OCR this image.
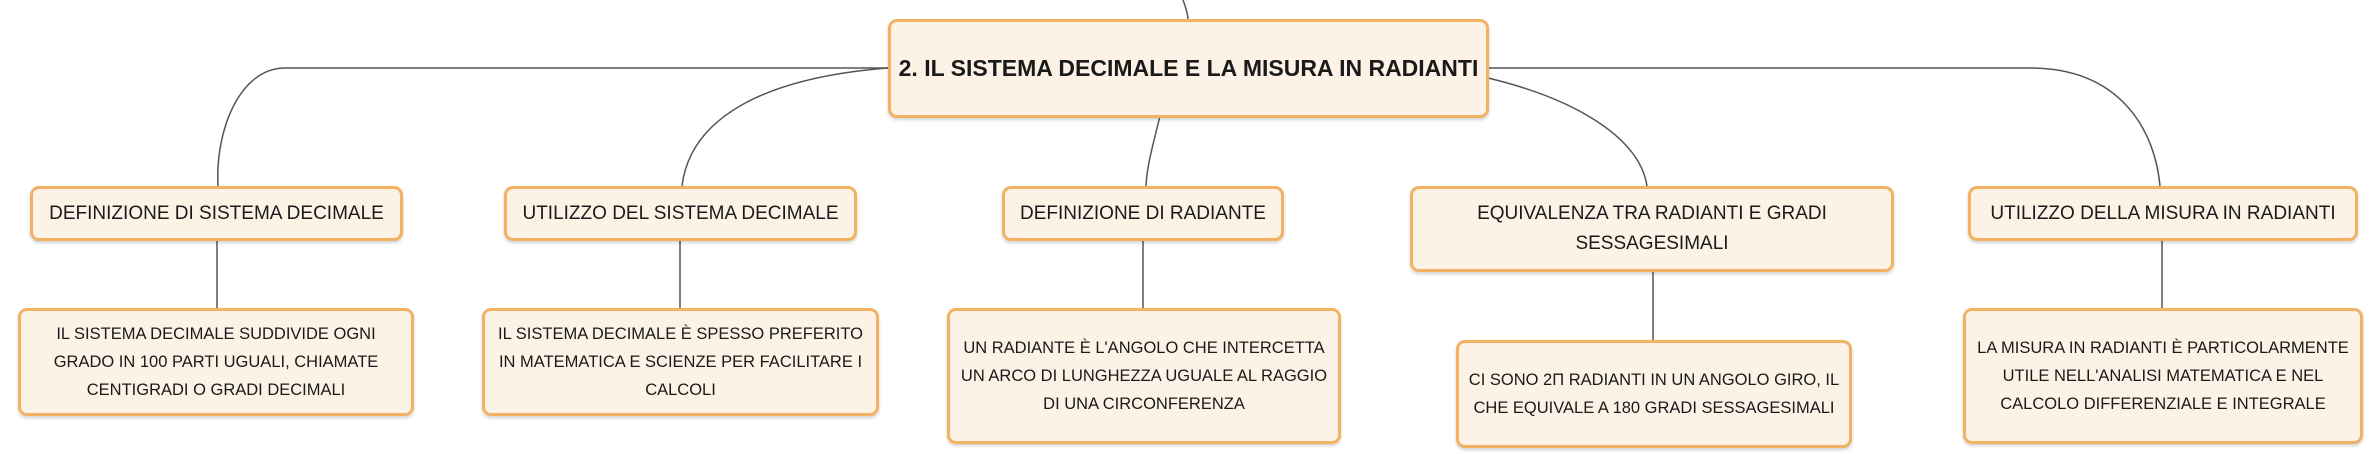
2. IL SISTEMA DECIMALE E LA MISURA IN RADIANTI
DEFINIZIONE DI SISTEMA DECIMALE	UTILIZZO DEL SISTEMA DECIMALE	DEFINIZIONE DI RADIANTE	EQUIVALENZA TRA RADIANTI E GRADI SESSAGESIMALI
UTILIZZO DELLA MISURA IN RADIANTI
IL SISTEMA DECIMALE SUDDIVIDE OGNI GRADO IN 100 PARTI UGUALI, CHIAMATE CENTIGRADI O GRADI DECIMALI
IL SISTEMA DECIMALE È SPESSO PREFERITO IN MATEMATICA E SCIENZE PER FACILITARE I CALCOLI
UN RADIANTE È L'ANGOLO CHE INTERCETTA UN ARCO DI LUNGHEZZA UGUALE AL RAGGIO DI UNA CIRCONFERENZA
CI SONO 2Π RADIANTI IN UN ANGOLO GIRO, IL CHE EQUIVALE A 180 GRADI SESSAGESIMALI
LA MISURA IN RADIANTI È PARTICOLARMENTE UTILE NELL'ANALISI MATEMATICA E NEL CALCOLO DIFFERENZIALE E INTEGRALE
